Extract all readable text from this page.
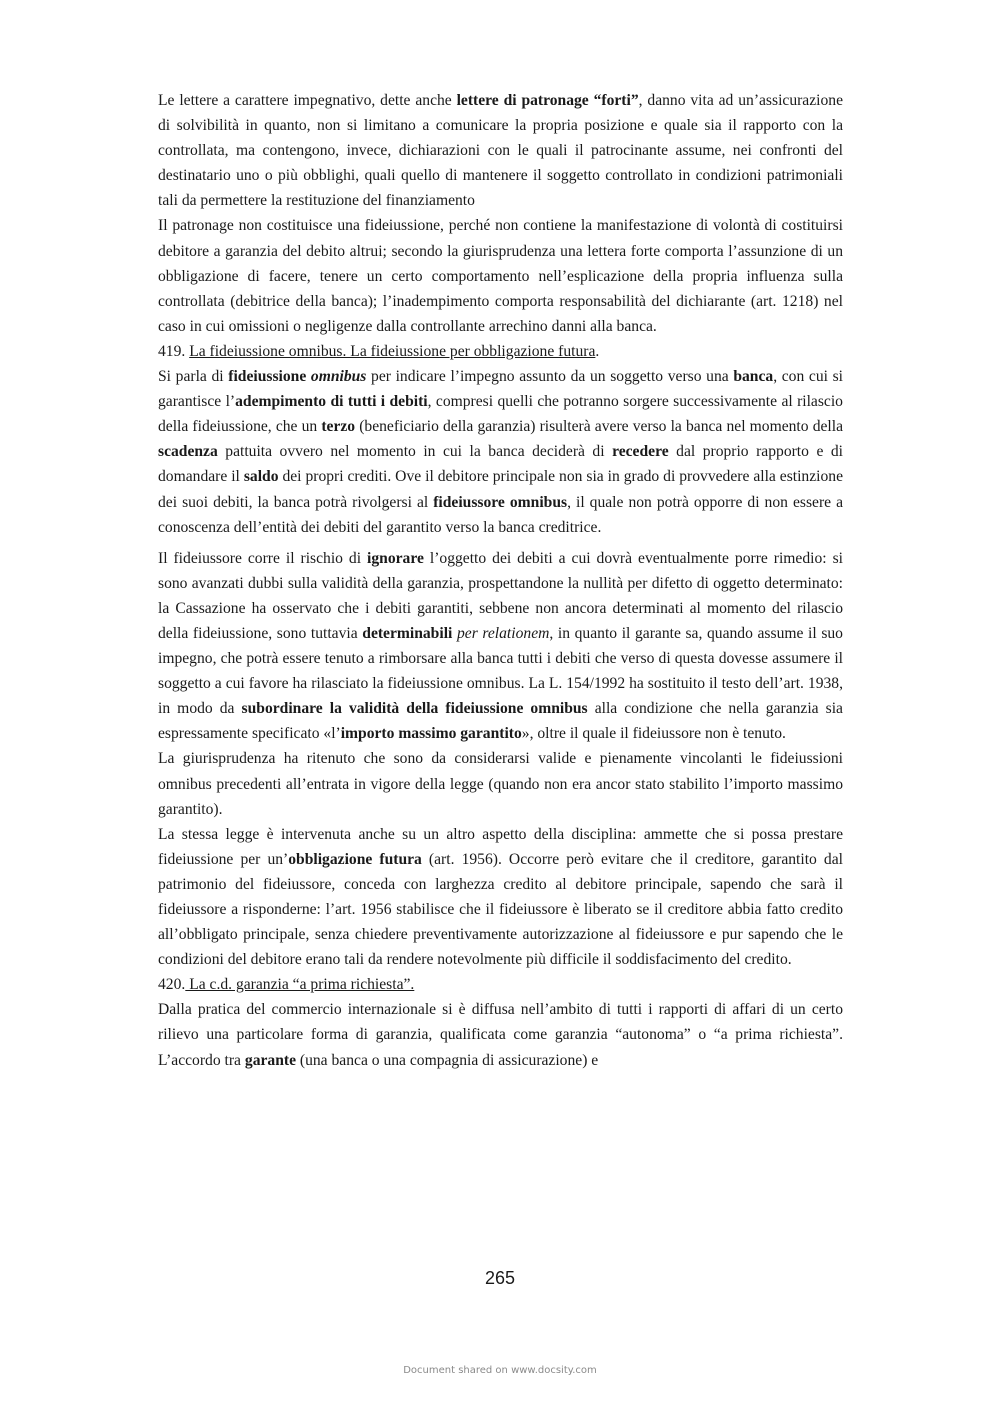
Le lettere a carattere impegnativo, dette anche lettere di patronage “forti”, danno vita ad un’assicurazione di solvibilità in quanto, non si limitano a comunicare la propria posizione e quale sia il rapporto con la controllata, ma contengono, invece, dichiarazioni con le quali il patrocinante assume, nei confronti del destinatario uno o più obblighi, quali quello di mantenere il soggetto controllato in condizioni patrimoniali tali da permettere la restituzione del finanziamento

Il patronage non costituisce una fideiussione, perché non contiene la manifestazione di volontà di costituirsi debitore a garanzia del debito altrui; secondo la giurisprudenza una lettera forte comporta l’assunzione di un obbligazione di facere, tenere un certo comportamento nell’esplicazione della propria influenza sulla controllata (debitrice della banca); l’inadempimento comporta responsabilità del dichiarante (art. 1218) nel caso in cui omissioni o negligenze dalla controllante arrechino danni alla banca.

419. La fideiussione omnibus. La fideiussione per obbligazione futura.

Si parla di fideiussione omnibus per indicare l’impegno assunto da un soggetto verso una banca, con cui si garantisce l’adempimento di tutti i debiti, compresi quelli che potranno sorgere successivamente al rilascio della fideiussione, che un terzo (beneficiario della garanzia) risulterà avere verso la banca nel momento della scadenza pattuita ovvero nel momento in cui la banca deciderà di recedere dal proprio rapporto e di domandare il saldo dei propri crediti. Ove il debitore principale non sia in grado di provvedere alla estinzione dei suoi debiti, la banca potrà rivolgersi al fideiussore omnibus, il quale non potrà opporre di non essere a conoscenza dell’entità dei debiti del garantito verso la banca creditrice.

Il fideiussore corre il rischio di ignorare l’oggetto dei debiti a cui dovrà eventualmente porre rimedio: si sono avanzati dubbi sulla validità della garanzia, prospettandone la nullità per difetto di oggetto determinato: la Cassazione ha osservato che i debiti garantiti, sebbene non ancora determinati al momento del rilascio della fideiussione, sono tuttavia determinabili per relationem, in quanto il garante sa, quando assume il suo impegno, che potrà essere tenuto a rimborsare alla banca tutti i debiti che verso di questa dovesse assumere il soggetto a cui favore ha rilasciato la fideiussione omnibus. La L. 154/1992 ha sostituito il testo dell’art. 1938, in modo da subordinare la validità della fideiussione omnibus alla condizione che nella garanzia sia espressamente specificato «l’importo massimo garantito», oltre il quale il fideiussore non è tenuto.

La giurisprudenza ha ritenuto che sono da considerarsi valide e pienamente vincolanti le fideiussioni omnibus precedenti all’entrata in vigore della legge (quando non era ancor stato stabilito l’importo massimo garantito).

La stessa legge è intervenuta anche su un altro aspetto della disciplina: ammette che si possa prestare fideiussione per un’obbligazione futura (art. 1956). Occorre però evitare che il creditore, garantito dal patrimonio del fideiussore, conceda con larghezza credito al debitore principale, sapendo che sarà il fideiussore a risponderne: l’art. 1956 stabilisce che il fideiussore è liberato se il creditore abbia fatto credito all’obbligato principale, senza chiedere preventivamente autorizzazione al fideiussore e pur sapendo che le condizioni del debitore erano tali da rendere notevolmente più difficile il soddisfacimento del credito.

420. La c.d. garanzia “a prima richiesta”.

Dalla pratica del commercio internazionale si è diffusa nell’ambito di tutti i rapporti di affari di un certo rilievo una particolare forma di garanzia, qualificata come garanzia “autonoma” o “a prima richiesta”. L’accordo tra garante (una banca o una compagnia di assicurazione) e

265
Document shared on www.docsity.com
